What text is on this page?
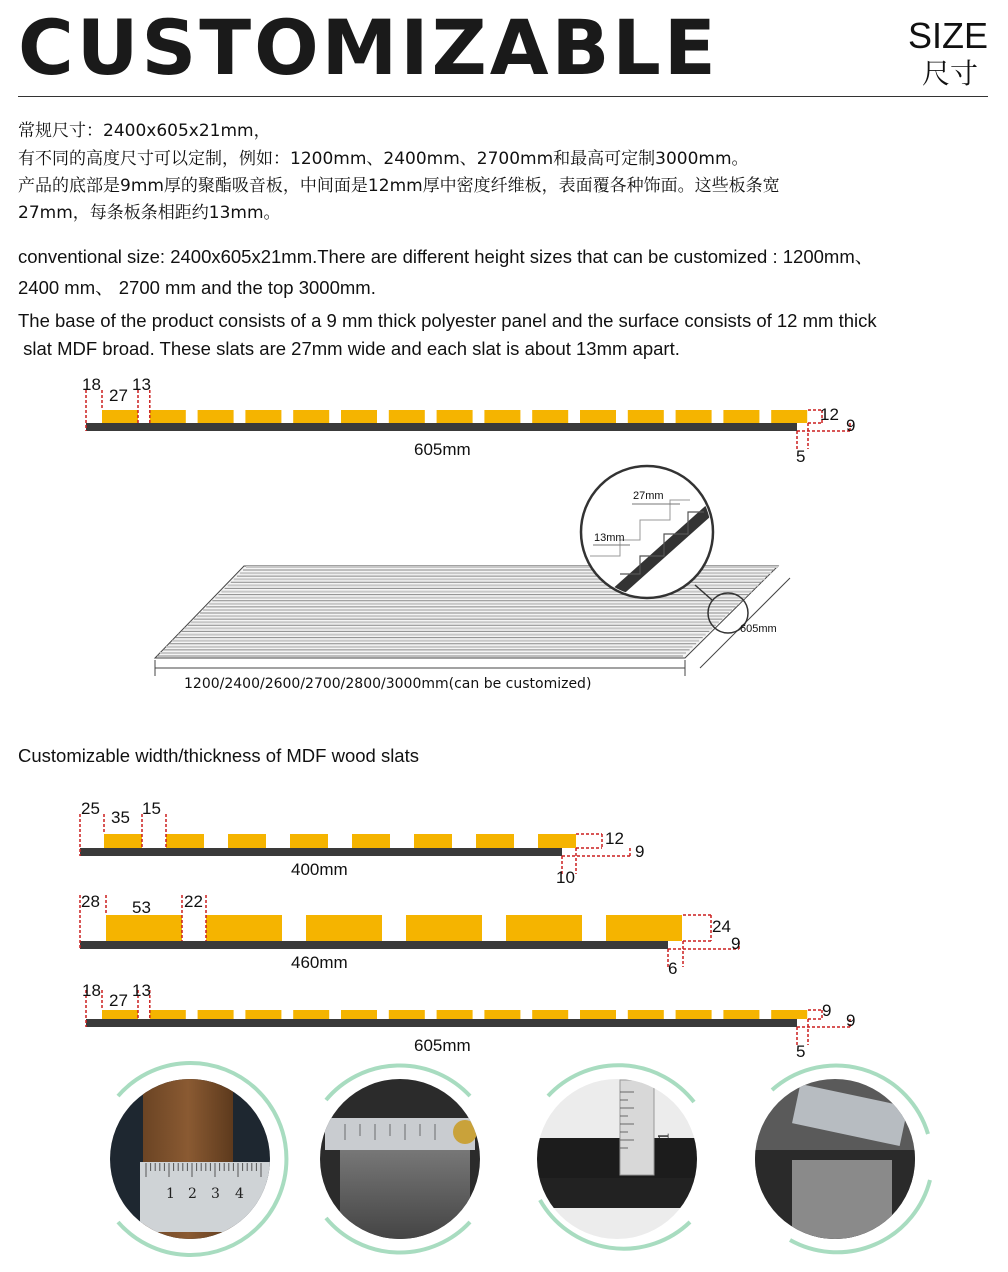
CUSTOMIZABLE	SIZE
尺寸
常规尺寸：2400x605x21mm，
有不同的高度尺寸可以定制，例如：1200mm、2400mm、2700mm和最高可定制3000mm。
产品的底部是9mm厚的聚酯吸音板，中间面是12mm厚中密度纤维板，表面覆各种饰面。这些板条宽
27mm，每条板条相距约13mm。
conventional size: 2400x605x21mm.There are different height sizes that can be customized : 1200mm、
2400 mm、 2700 mm and the top 3000mm.
The base of the product consists of a 9 mm thick polyester panel and the surface consists of 12 mm thick
slat MDF broad. These slats are 27mm wide and each slat is about 13mm apart.
27mm
13mm
605mm
1200/2400/2600/2700/2800/3000mm(can be customized)
Customizable width/thickness of MDF wood slats
18
27
13
605mm
12
9
5
25 35 15
400mm
12
9
10
28 53 22
460mm
24
9
6
18
27
13
605mm
9
9
5
1 2 3 4
1
